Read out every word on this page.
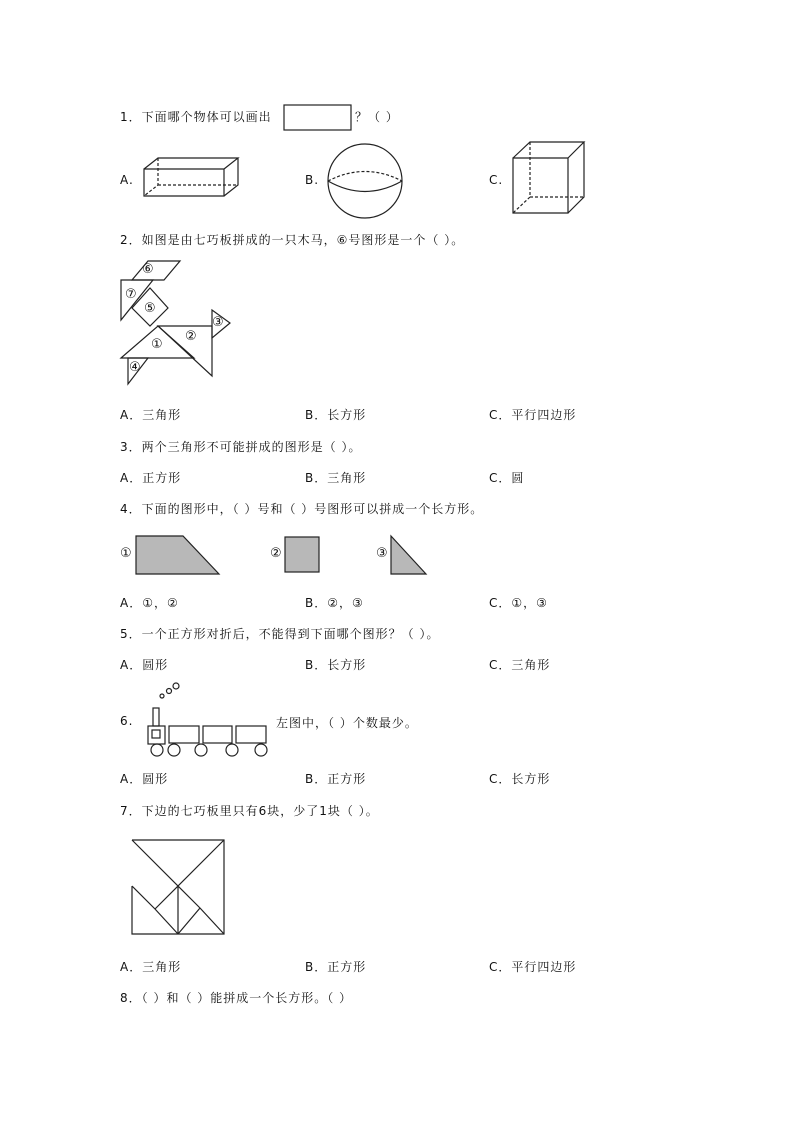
1．下面哪个物体可以画出	？（ ）
A.	B.	C.
2．如图是由七巧板拼成的一只木马，⑥号图形是一个（ ）。
⑥
⑦
⑤
③
②
①
④
A．三角形	B．长方形	C．平行四边形
3．两个三角形不可能拼成的图形是（ ）。
A．正方形	B．三角形	C．圆
4．下面的图形中，（ ）号和（ ）号图形可以拼成一个长方形。
①	②	③
A．①，②	B．②，③	C．①，③
5．一个正方形对折后，不能得到下面哪个图形？（ ）。
A．圆形	B．长方形	C．三角形
6.	左图中，（ ）个数最少。
A．圆形	B．正方形	C．长方形
7．下边的七巧板里只有6块，少了1块（ ）。
A．三角形	B．正方形	C．平行四边形
8．（ ）和（ ）能拼成一个长方形。（ ）
